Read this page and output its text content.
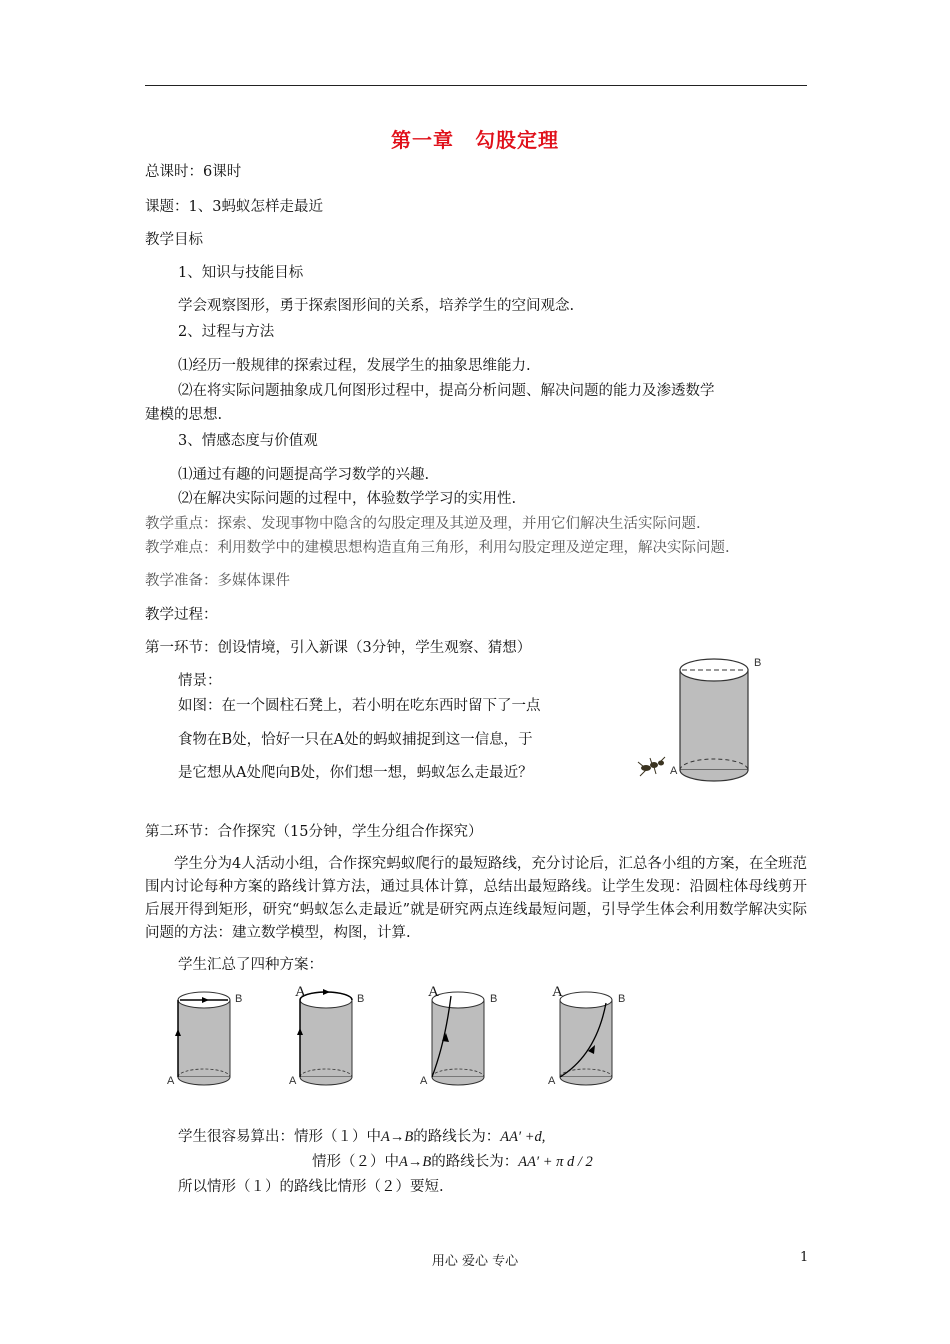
第一章　勾股定理
总课时：6课时
课题：1、3蚂蚁怎样走最近
教学目标
1、知识与技能目标
学会观察图形，勇于探索图形间的关系，培养学生的空间观念.
2、过程与方法
⑴经历一般规律的探索过程，发展学生的抽象思维能力.
⑵在将实际问题抽象成几何图形过程中，提高分析问题、解决问题的能力及渗透数学
建模的思想.
3、情感态度与价值观
⑴通过有趣的问题提高学习数学的兴趣.
⑵在解决实际问题的过程中，体验数学学习的实用性.
教学重点：探索、发现事物中隐含的勾股定理及其逆及理，并用它们解决生活实际问题.
教学难点：利用数学中的建模思想构造直角三角形，利用勾股定理及逆定理，解决实际问题.
教学准备：多媒体课件
教学过程：
第一环节：创设情境，引入新课（3分钟，学生观察、猜想）
情景：
如图：在一个圆柱石凳上，若小明在吃东西时留下了一点
食物在B处，恰好一只在A处的蚂蚁捕捉到这一信息，于
是它想从A处爬向B处，你们想一想，蚂蚁怎么走最近？
B
A
第二环节：合作探究（15分钟，学生分组合作探究）
学生分为4人活动小组，合作探究蚂蚁爬行的最短路线，充分讨论后，汇总各小组的方案，在全班范围内讨论每种方案的路线计算方法，通过具体计算，总结出最短路线。让学生发现：沿圆柱体母线剪开后展开得到矩形，研究“蚂蚁怎么走最近”就是研究两点连线最短问题，引导学生体会利用数学解决实际问题的方法：建立数学模型，构图，计算.
学生汇总了四种方案：
B
A
A	B
A
A	B
A
A	B
A
学生很容易算出：情形（１）中A→B的路线长为：AA′ +d,
情形（２）中A→B的路线长为：AA′ + π d / 2
所以情形（１）的路线比情形（２）要短.
用心 爱心 专心	1
